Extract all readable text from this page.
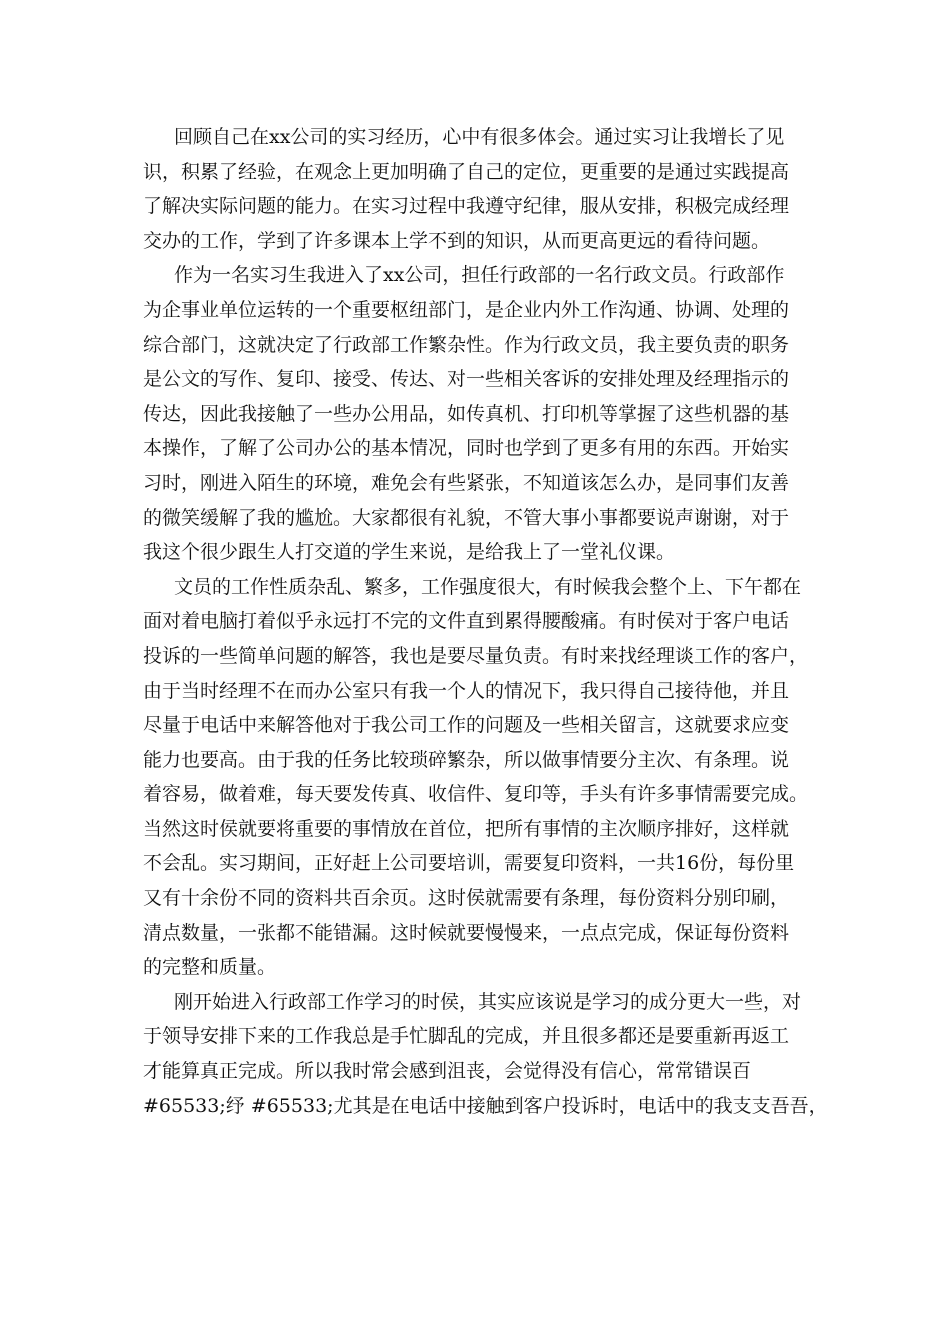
回顾自己在xx公司的实习经历，心中有很多体会。通过实习让我增长了见
识，积累了经验，在观念上更加明确了自己的定位，更重要的是通过实践提高
了解决实际问题的能力。在实习过程中我遵守纪律，服从安排，积极完成经理
交办的工作，学到了许多课本上学不到的知识，从而更高更远的看待问题。
作为一名实习生我进入了xx公司，担任行政部的一名行政文员。行政部作
为企事业单位运转的一个重要枢纽部门，是企业内外工作沟通、协调、处理的
综合部门，这就决定了行政部工作繁杂性。作为行政文员，我主要负责的职务
是公文的写作、复印、接受、传达、对一些相关客诉的安排处理及经理指示的
传达，因此我接触了一些办公用品，如传真机、打印机等掌握了这些机器的基
本操作，了解了公司办公的基本情况，同时也学到了更多有用的东西。开始实
习时，刚进入陌生的环境，难免会有些紧张，不知道该怎么办，是同事们友善
的微笑缓解了我的尴尬。大家都很有礼貌，不管大事小事都要说声谢谢，对于
我这个很少跟生人打交道的学生来说，是给我上了一堂礼仪课。
文员的工作性质杂乱、繁多，工作强度很大，有时候我会整个上、下午都在
面对着电脑打着似乎永远打不完的文件直到累得腰酸痛。有时侯对于客户电话
投诉的一些简单问题的解答，我也是要尽量负责。有时来找经理谈工作的客户，
由于当时经理不在而办公室只有我一个人的情况下，我只得自己接待他，并且
尽量于电话中来解答他对于我公司工作的问题及一些相关留言，这就要求应变
能力也要高。由于我的任务比较琐碎繁杂，所以做事情要分主次、有条理。说
着容易，做着难，每天要发传真、收信件、复印等，手头有许多事情需要完成。
当然这时侯就要将重要的事情放在首位，把所有事情的主次顺序排好，这样就
不会乱。实习期间，正好赶上公司要培训，需要复印资料，一共16份，每份里
又有十余份不同的资料共百余页。这时侯就需要有条理，每份资料分别印刷，
清点数量，一张都不能错漏。这时候就要慢慢来，一点点完成，保证每份资料
的完整和质量。
刚开始进入行政部工作学习的时侯，其实应该说是学习的成分更大一些，对
于领导安排下来的工作我总是手忙脚乱的完成，并且很多都还是要重新再返工
才能算真正完成。所以我时常会感到沮丧，会觉得没有信心，常常错误百
#65533;纾 #65533;尤其是在电话中接触到客户投诉时，电话中的我支支吾吾，
